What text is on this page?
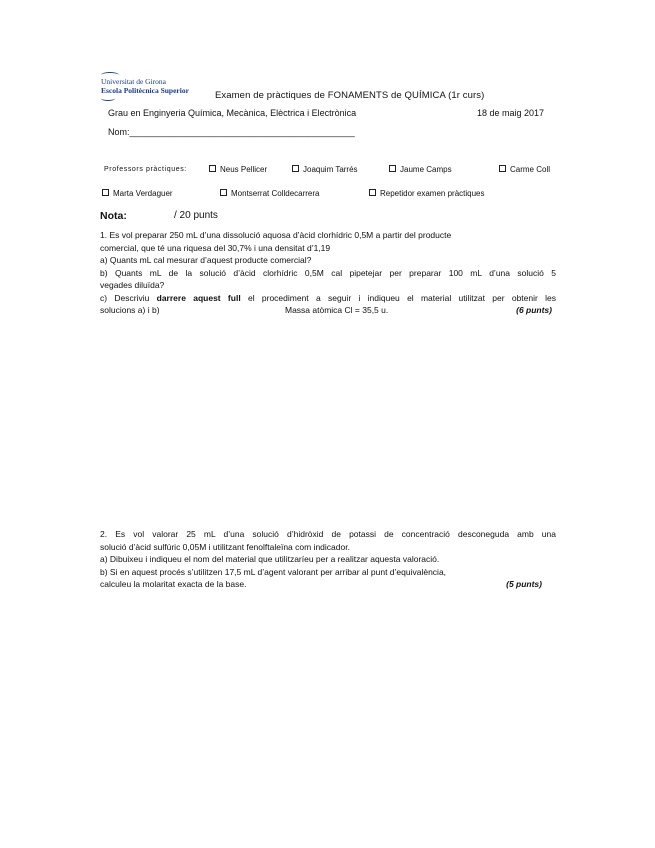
Universitat de Girona
Escola Politècnica Superior	Examen de pràctiques de FONAMENTS de QUÍMICA (1r curs)
Grau en Enginyeria Química, Mecànica, Elèctrica i Electrònica	18 de maig 2017
Nom:_____________________________________________
Professors pràctiques:	Neus Pellicer	Joaquim Tarrés	Jaume Camps	Carme Coll
Marta Verdaguer	Montserrat Colldecarrera	Repetidor examen pràctiques
Nota:	/ 20 punts
1. Es vol preparar 250 mL d’una dissolució aquosa d’àcid clorhídric 0,5M a partir del producte
comercial, que té una riquesa del 30,7% i una densitat d’1,19
a) Quants mL cal mesurar d’aquest producte comercial?
b) Quants mL de la solució d’àcid clorhídric 0,5M cal pipetejar per preparar 100 mL d’una solució 5
vegades diluïda?
c) Descriviu darrere aquest full el procediment a seguir i indiqueu el material utilitzat per obtenir les
solucions a) i b)	Massa atòmica Cl = 35,5 u.	(6 punts)
2. Es vol valorar 25 mL d’una solució d’hidròxid de potassi de concentració desconeguda amb una
solució d’àcid sulfúric 0,05M i utilitzant fenolftaleïna com indicador.
a) Dibuixeu i indiqueu el nom del material que utilitzaríeu per a realitzar aquesta valoració.
b) Si en aquest procés s’utilitzen 17,5 mL d’agent valorant per arribar al punt d’equivalència,
calculeu la molaritat exacta de la base.	(5 punts)
